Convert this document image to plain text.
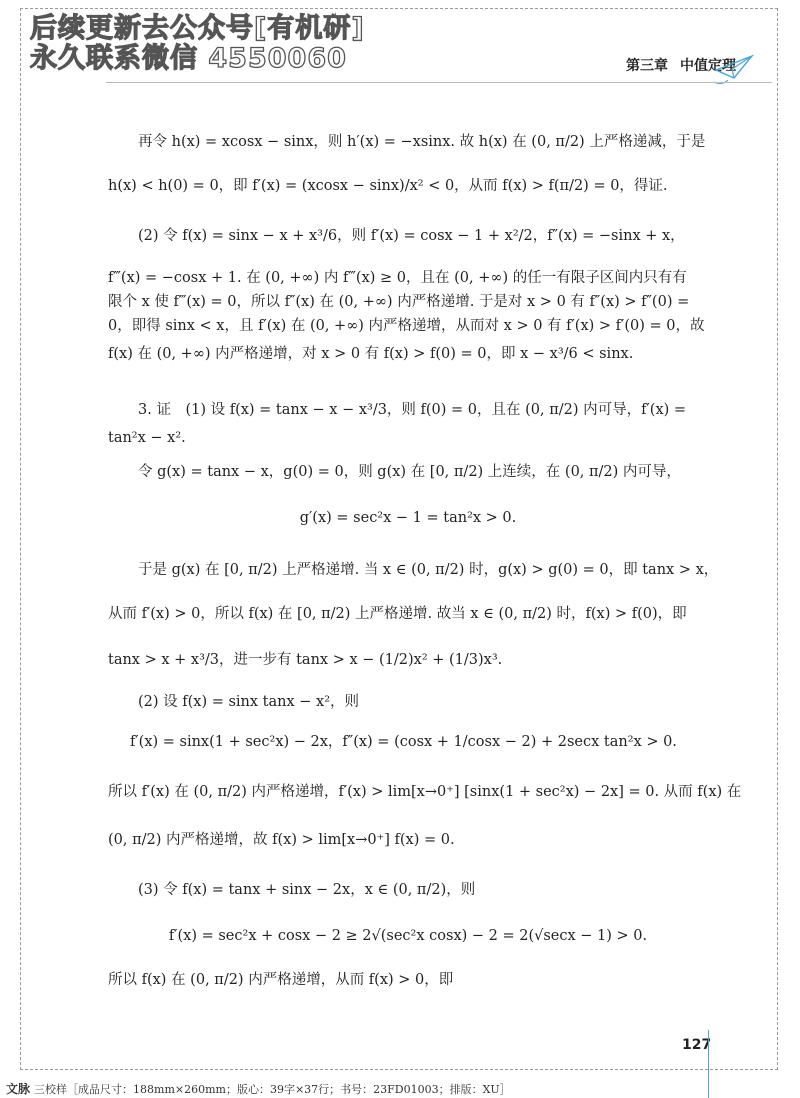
后续更新去公众号[有机研]
永久联系微信 4550060	第三章 中值定理
再令 h(x) = xcosx − sinx，则 h′(x) = −xsinx. 故 h(x) 在 (0, π/2) 上严格递减，于是
h(x) < h(0) = 0，即 f′(x) = (xcosx − sinx)/x² < 0，从而 f(x) > f(π/2) = 0，得证.
(2) 令 f(x) = sinx − x + x³/6，则 f′(x) = cosx − 1 + x²/2，f″(x) = −sinx + x，
f‴(x) = −cosx + 1. 在 (0, +∞) 内 f‴(x) ≥ 0，且在 (0, +∞) 的任一有限子区间内只有有
限个 x 使 f‴(x) = 0，所以 f″(x) 在 (0, +∞) 内严格递增. 于是对 x > 0 有 f″(x) > f″(0) =
0，即得 sinx < x，且 f′(x) 在 (0, +∞) 内严格递增，从而对 x > 0 有 f′(x) > f′(0) = 0，故
f(x) 在 (0, +∞) 内严格递增，对 x > 0 有 f(x) > f(0) = 0，即 x − x³/6 < sinx.
3. 证　(1) 设 f(x) = tanx − x − x³/3，则 f(0) = 0，且在 (0, π/2) 内可导，f′(x) =
tan²x − x².
令 g(x) = tanx − x，g(0) = 0，则 g(x) 在 [0, π/2) 上连续，在 (0, π/2) 内可导，
g′(x) = sec²x − 1 = tan²x > 0.
于是 g(x) 在 [0, π/2) 上严格递增. 当 x ∈ (0, π/2) 时，g(x) > g(0) = 0，即 tanx > x，
从而 f′(x) > 0，所以 f(x) 在 [0, π/2) 上严格递增. 故当 x ∈ (0, π/2) 时，f(x) > f(0)，即
tanx > x + x³/3，进一步有 tanx > x − (1/2)x² + (1/3)x³.
(2) 设 f(x) = sinx tanx − x²，则
f′(x) = sinx(1 + sec²x) − 2x，f″(x) = (cosx + 1/cosx − 2) + 2secx tan²x > 0.
所以 f′(x) 在 (0, π/2) 内严格递增，f′(x) > lim[x→0⁺] [sinx(1 + sec²x) − 2x] = 0. 从而 f(x) 在
(0, π/2) 内严格递增，故 f(x) > lim[x→0⁺] f(x) = 0.
(3) 令 f(x) = tanx + sinx − 2x，x ∈ (0, π/2)，则
f′(x) = sec²x + cosx − 2 ≥ 2√(sec²x cosx) − 2 = 2(√secx − 1) > 0.
所以 f(x) 在 (0, π/2) 内严格递增，从而 f(x) > 0，即
127
文脉 三校样［成品尺寸：188mm×260mm；版心：39字×37行；书号：23FD01003；排版：XU］
